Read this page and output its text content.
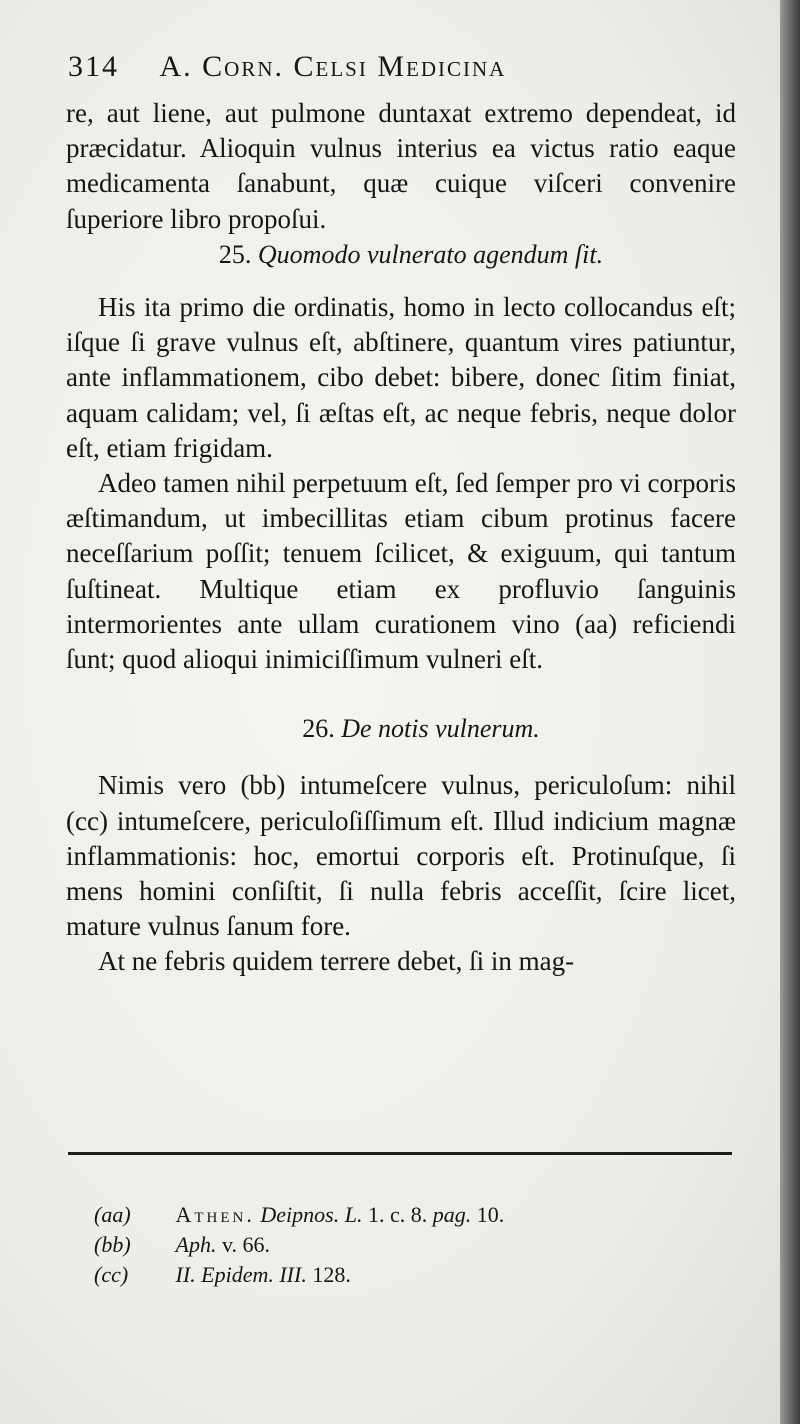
314 A. Corn. Celsi Medicina

re, aut liene, aut pulmone duntaxat extremo dependeat, id præcidatur. Alioquin vulnus interius ea victus ratio eaque medicamenta ſanabunt, quæ cuique viſceri convenire ſuperiore libro propoſui.

25. Quomodo vulnerato agendum ſit.

His ita primo die ordinatis, homo in lecto collocandus eſt; iſque ſi grave vulnus eſt, abſtinere, quantum vires patiuntur, ante inflammationem, cibo debet: bibere, donec ſitim finiat, aquam calidam; vel, ſi æſtas eſt, ac neque febris, neque dolor eſt, etiam frigidam.

Adeo tamen nihil perpetuum eſt, ſed ſemper pro vi corporis æſtimandum, ut imbecillitas etiam cibum protinus facere neceſſarium poſſit; tenuem ſcilicet, & exiguum, qui tantum ſuſtineat. Multique etiam ex profluvio ſanguinis intermorientes ante ullam curationem vino (aa) reficiendi ſunt; quod alioqui inimiciſſimum vulneri eſt.

26. De notis vulnerum.

Nimis vero (bb) intumeſcere vulnus, periculoſum: nihil (cc) intumeſcere, periculoſiſſimum eſt. Illud indicium magnæ inflammationis: hoc, emortui corporis eſt. Protinuſque, ſi mens homini conſiſtit, ſi nulla febris acceſſit, ſcire licet, mature vulnus ſanum fore.

At ne febris quidem terrere debet, ſi in mag-

(aa) Athen. Deipnos. L. 1. c. 8. pag. 10.
(bb) Aph. v. 66.
(cc) II. Epidem. III. 128.
